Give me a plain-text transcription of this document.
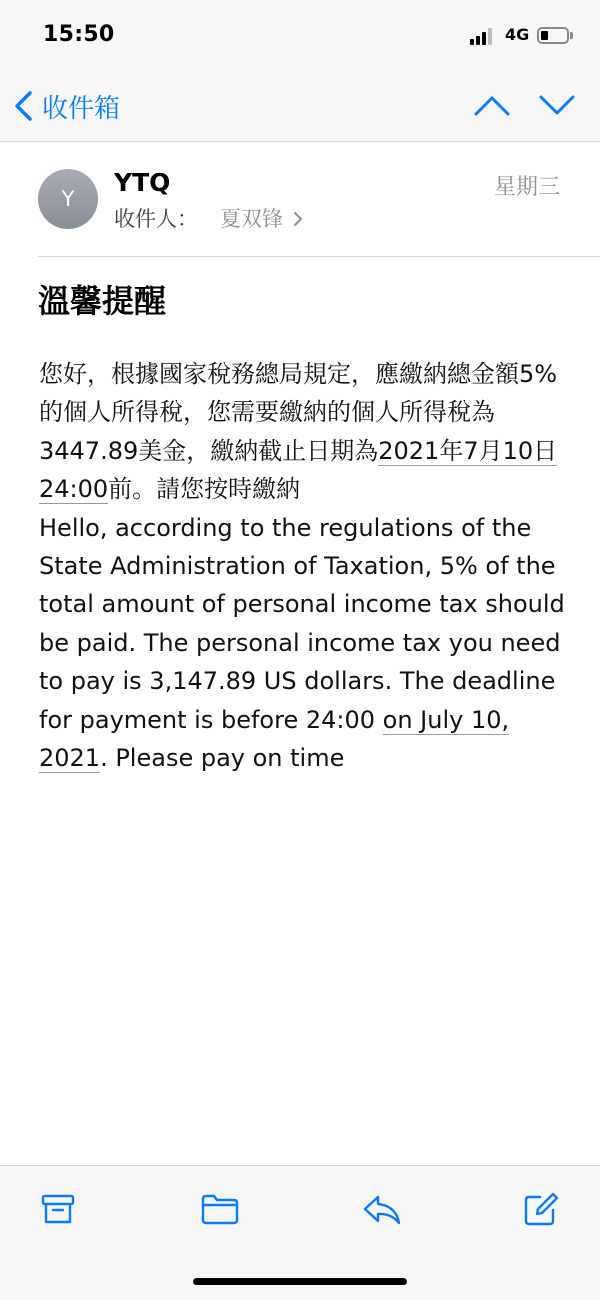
15:50	4G
收件箱
Y
YTQ	星期三
收件人： 夏双锋
溫馨提醒

您好，根據國家稅務總局規定，應繳納總金額5%的個人所得稅，您需要繳納的個人所得稅為3447.89美金，繳納截止日期為2021年7月10日24:00前。請您按時繳納

Hello, according to the regulations of the State Administration of Taxation, 5% of the total amount of personal income tax should be paid. The personal income tax you need to pay is 3,147.89 US dollars. The deadline for payment is before 24:00 on July 10, 2021. Please pay on time
